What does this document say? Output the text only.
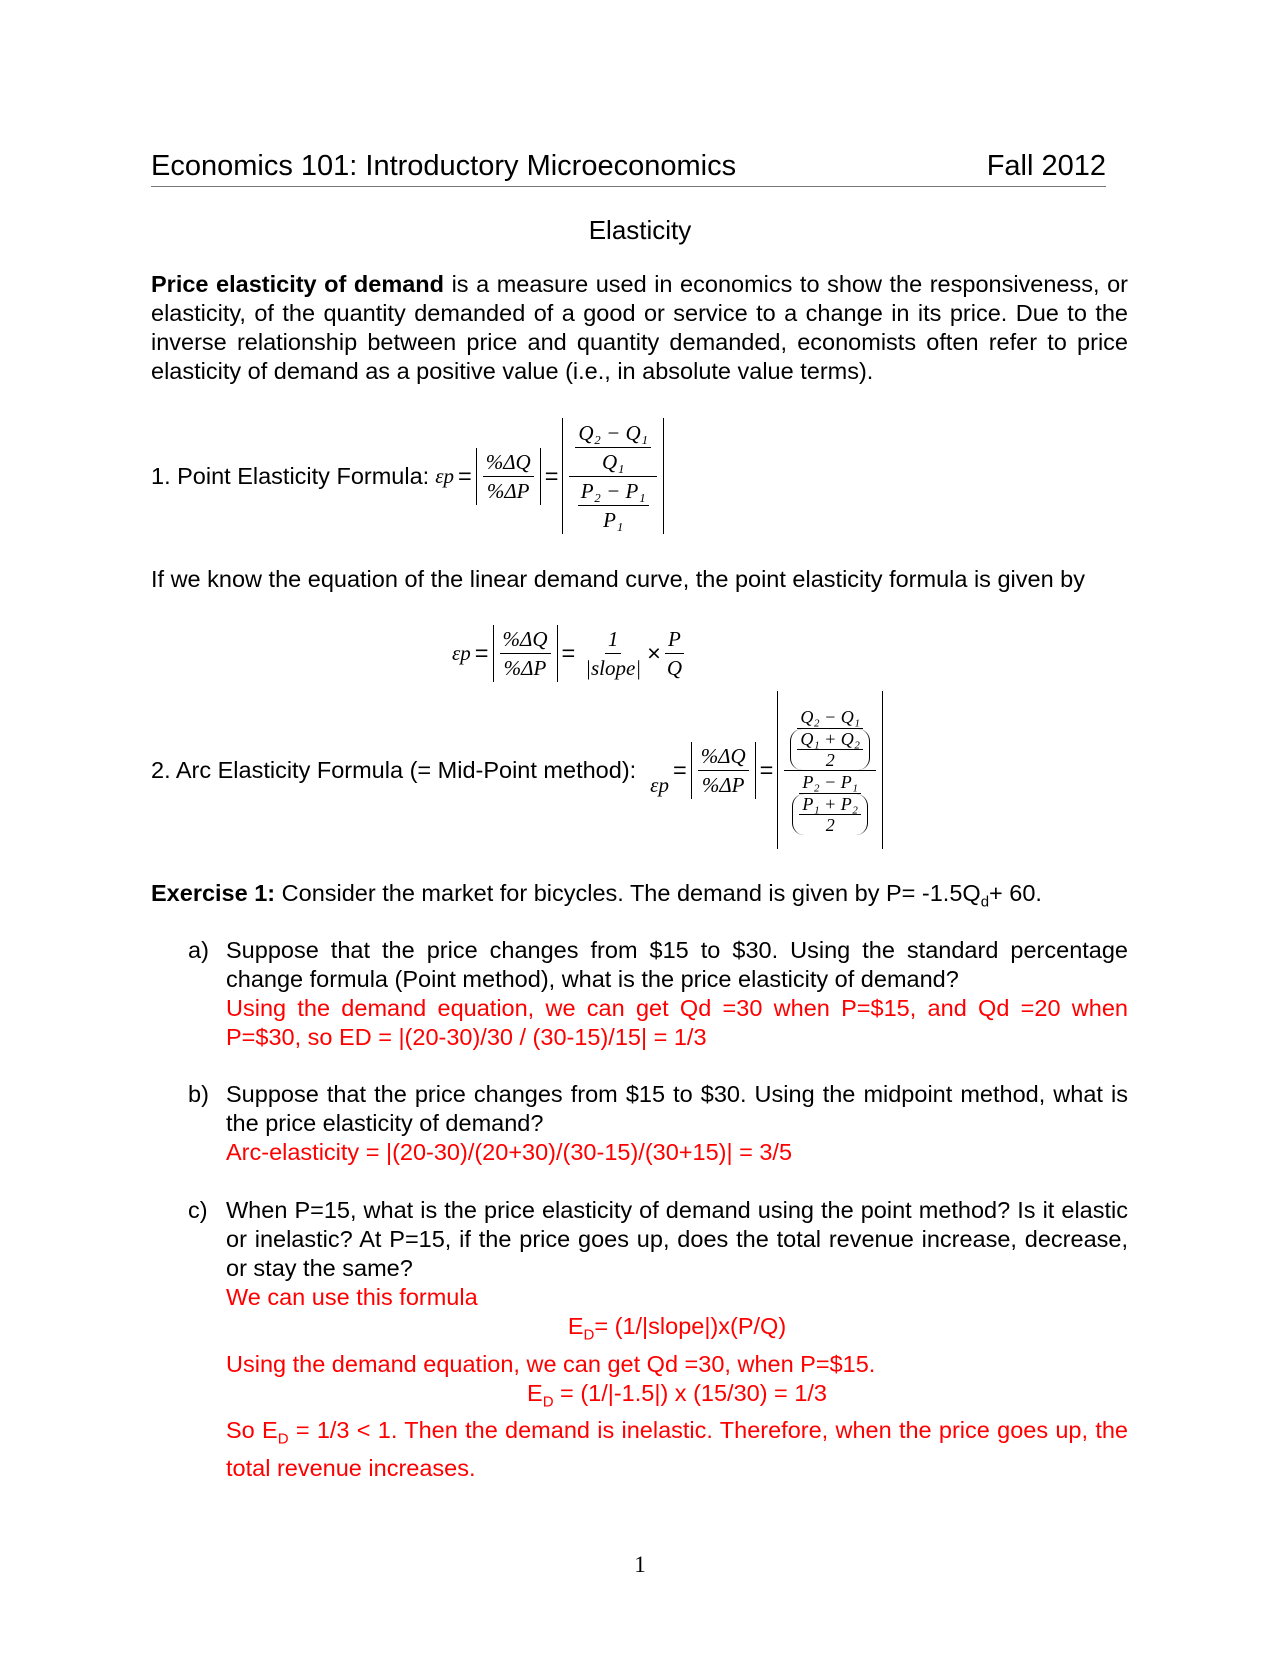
Economics 101: Introductory Microeconomics	Fall 2012
Elasticity
Price elasticity of demand is a measure used in economics to show the responsiveness, or elasticity, of the quantity demanded of a good or service to a change in its price. Due to the inverse relationship between price and quantity demanded, economists often refer to price elasticity of demand as a positive value (i.e., in absolute value terms).
1. Point Elasticity Formula: ε $p = \frac{\%\Delta Q}{\%\Delta P} = \frac{\frac{\text{Q₂ − Q₁}}{\text{Q₁}}}{\frac{\text{P₂ − P₁}}{\text{P₁}}}$
If we know the equation of the linear demand curve, the point elasticity formula is given by
ε $p = \frac{\%\Delta Q}{\%\Delta P} = \frac{1}{\text{|slope|}} \times \frac{P}{Q}$
2. Arc Elasticity Formula (= Mid-Point method):
ε p
= $\frac{\%\Delta Q}{\%\Delta P} = \frac{\frac{\text{Q₂ − Q₁}}{\frac{\text{Q₁ + Q₂}}{2}}}{\frac{\text{P₂ − P₁}}{\frac{\text{P₁ + P₂}}{2}}}$
Exercise 1: Consider the market for bicycles. The demand is given by $P= -1.5Q_d+ 60$.
a) Suppose that the price changes from $15 to $30. Using the standard percentage change formula (Point method), what is the price elasticity of demand?
Using the demand equation, we can get Qd =30 when P=$15, and Qd =20 when P=$30, so ED = |(20-30)/30 / (30-15)/15| = 1/3
b) Suppose that the price changes from $15 to $30. Using the midpoint method, what is the price elasticity of demand?
Arc-elasticity = |(20-30)/(20+30)/(30-15)/(30+15)| = 3/5
c) When P=15, what is the price elasticity of demand using the point method? Is it elastic or inelastic? At P=15, if the price goes up, does the total revenue increase, decrease, or stay the same?
We can use this formula
$E_D=$ (1/|slope|)x(P/Q)
Using the demand equation, we can get Qd =30, when P=$15.
$E_D = (1/|-1.5|)$ x (15/30) = 1/3
So $E_D = 1/3 < 1$. Then the demand is inelastic. Therefore, when the price goes up, the total revenue increases.
1
